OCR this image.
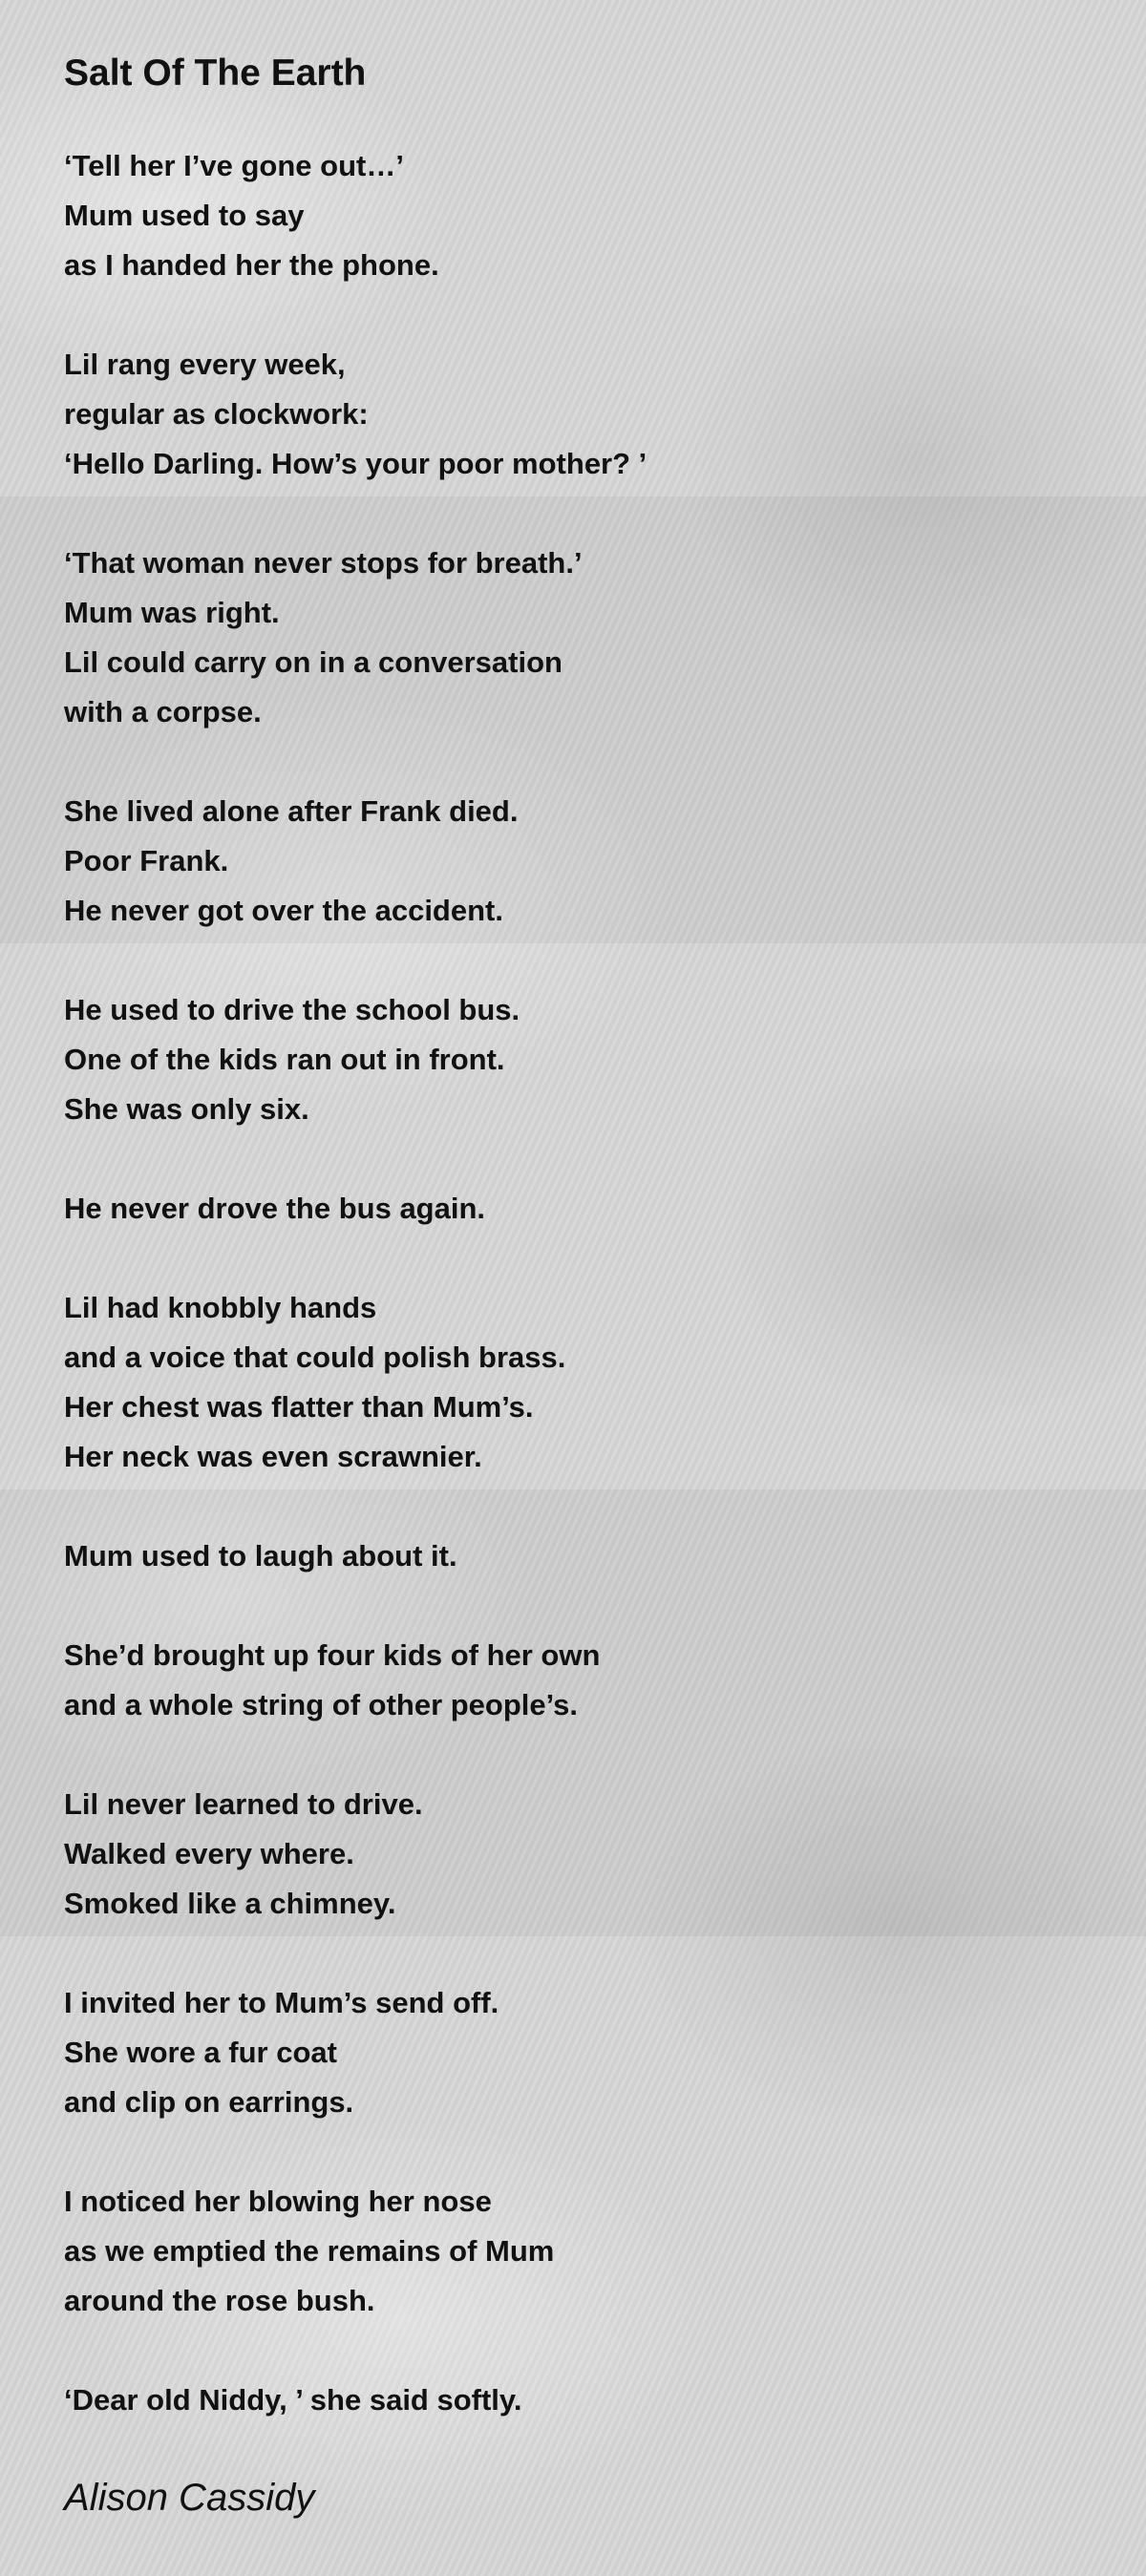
Salt Of The Earth
‘Tell her I’ve gone out…’
Mum used to say
as I handed her the phone.
Lil rang every week,
regular as clockwork:
‘Hello Darling. How’s your poor mother? ’
‘That woman never stops for breath.’
Mum was right.
Lil could carry on in a conversation
with a corpse.
She lived alone after Frank died.
Poor Frank.
He never got over the accident.
He used to drive the school bus.
One of the kids ran out in front.
She was only six.
He never drove the bus again.
Lil had knobbly hands
and a voice that could polish brass.
Her chest was flatter than Mum’s.
Her neck was even scrawnier.
Mum used to laugh about it.
She’d brought up four kids of her own
and a whole string of other people’s.
Lil never learned to drive.
Walked every where.
Smoked like a chimney.
I invited her to Mum’s send off.
She wore a fur coat
and clip on earrings.
I noticed her blowing her nose
as we emptied the remains of Mum
around the rose bush.
‘Dear old Niddy, ’ she said softly.
Alison Cassidy
